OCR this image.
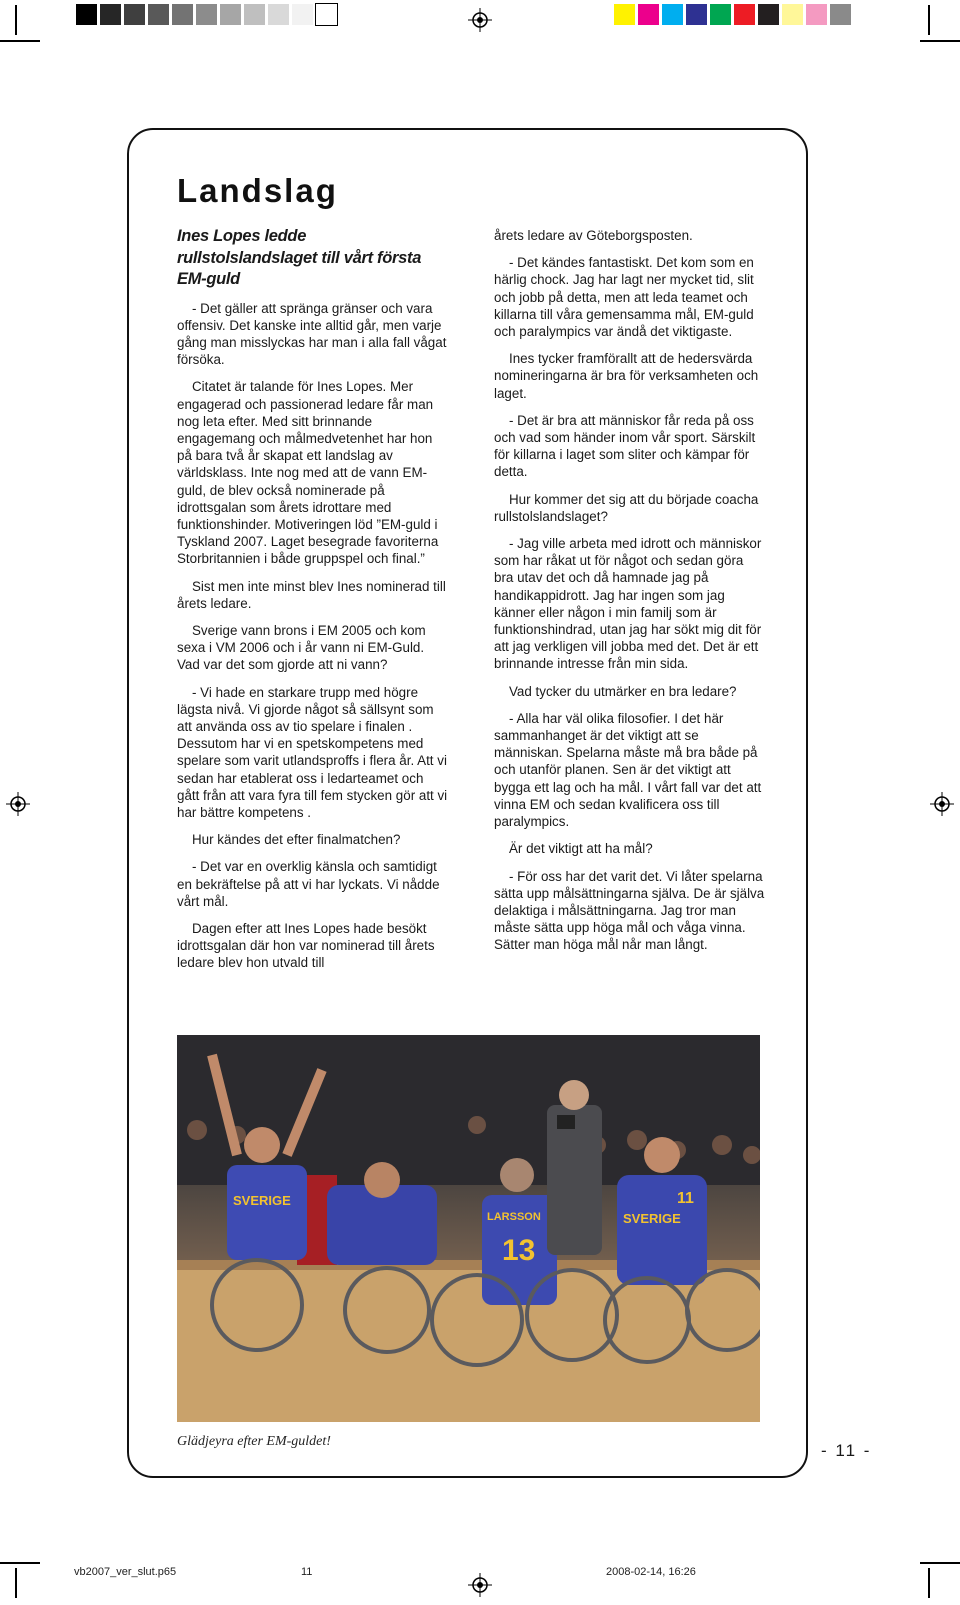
Landslag
Ines Lopes ledde rullstolslandslaget till vårt första EM-guld

- Det gäller att spränga gränser och vara offensiv. Det kanske inte alltid går, men varje gång man misslyckas har man i alla fall vågat försöka.

Citatet är talande för Ines Lopes. Mer engagerad och passionerad ledare får man nog leta efter. Med sitt brinnande engagemang och målmedvetenhet har hon på bara två år skapat ett landslag av världsklass. Inte nog med att de vann EM-guld, de blev också nominerade på idrottsgalan som årets idrottare med funktionshinder. Motiveringen löd ”EM-guld i Tyskland 2007. Laget besegrade favoriterna Storbritannien i både gruppspel och final.”

Sist men inte minst blev Ines nominerad till årets ledare.

Sverige vann brons i EM 2005 och kom sexa i VM 2006 och i år vann ni EM-Guld. Vad var det som gjorde att ni vann?

- Vi hade en starkare trupp med högre lägsta nivå. Vi gjorde något så sällsynt som att använda oss av tio spelare i finalen . Dessutom har vi en spetskompetens med spelare som varit utlandsproffs i flera år. Att vi sedan har etablerat oss i ledarteamet och gått från att vara fyra till fem stycken gör att vi har bättre kompetens .

Hur kändes det efter finalmatchen?

- Det var en overklig känsla och samtidigt en bekräftelse på att vi har lyckats. Vi nådde vårt mål.

Dagen efter att Ines Lopes hade besökt idrottsgalan där hon var nominerad till årets ledare blev hon utvald till

årets ledare av Göteborgsposten.

- Det kändes fantastiskt. Det kom som en härlig chock. Jag har lagt ner mycket tid, slit och jobb på detta, men att leda teamet och killarna till våra gemensamma mål, EM-guld och paralympics var ändå det viktigaste.

Ines tycker framförallt att de hedersvärda nomineringarna är bra för verksamheten och laget.

- Det är bra att människor får reda på oss och vad som händer inom vår sport. Särskilt för killarna i laget som sliter och kämpar för detta.

Hur kommer det sig att du började coacha rullstolslandslaget?

- Jag ville arbeta med idrott och människor som har råkat ut för något och sedan göra bra utav det och då hamnade jag på handikappidrott. Jag har ingen som jag känner eller någon i min familj som är funktionshindrad, utan jag har sökt mig dit för att jag verkligen vill jobba med det. Det är ett brinnande intresse från min sida.

Vad tycker du utmärker en bra ledare?

- Alla har väl olika filosofier. I det här sammanhanget är det viktigt att se människan. Spelarna måste må bra både på och utanför planen. Sen är det viktigt att bygga ett lag och ha mål. I vårt fall var det att vinna EM och sedan kvalificera oss till paralympics.

Är det viktigt att ha mål?

- För oss har det varit det. Vi låter spelarna sätta upp målsättningarna själva. De är själva delaktiga i målsättningarna. Jag tror man måste sätta upp höga mål och våga vinna. Sätter man höga mål når man långt.

SVERIGE
LARSSON
13
SVERIGE
11
Glädjeyra efter EM-guldet!	- 11 -
vb2007_ver_slut.p65	11	2008-02-14, 16:26
